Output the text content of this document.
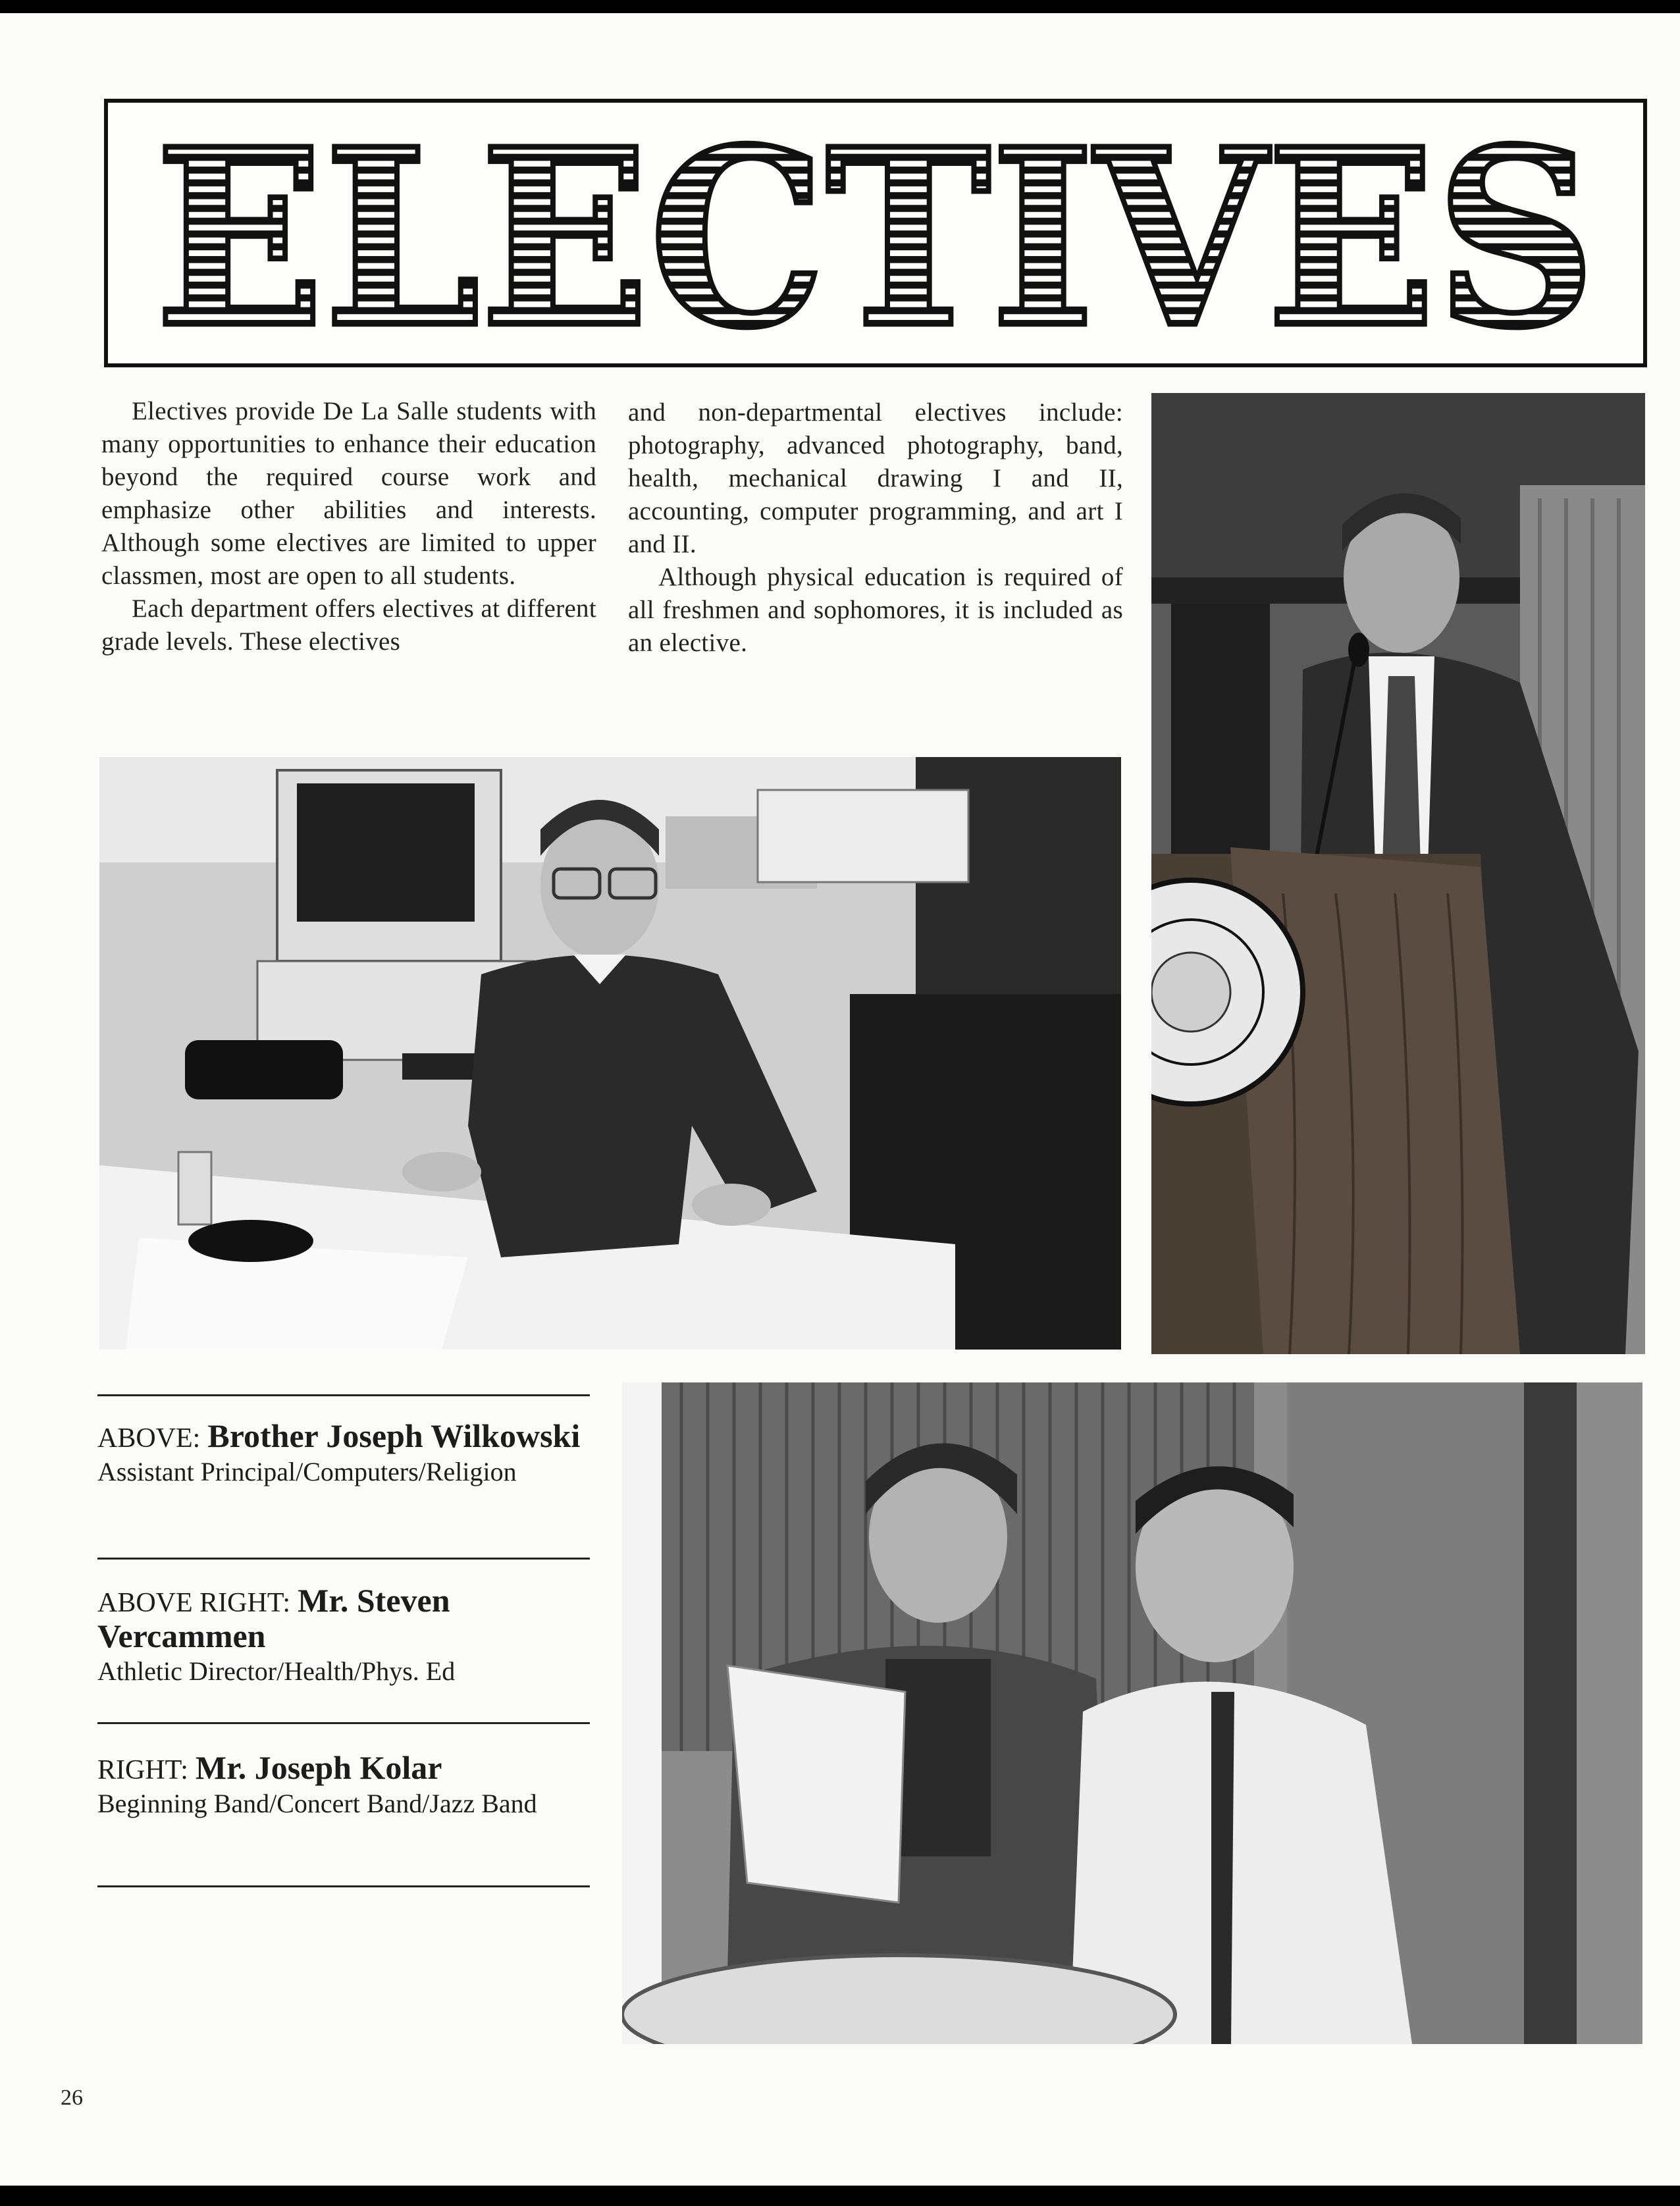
ELECTIVES

Electives provide De La Salle students with many opportunities to enhance their education beyond the required course work and emphasize other abilities and interests. Although some electives are limited to upper classmen, most are open to all students.

Each department offers electives at different grade levels. These electives

and non-departmental electives include: photography, advanced photography, band, health, mechanical drawing I and II, accounting, computer programming, and art I and II.

Although physical education is required of all freshmen and sophomores, it is included as an elective.

ABOVE: Brother Joseph Wilkowski
Assistant Principal/Computers/Religion
ABOVE RIGHT: Mr. Steven Vercammen
Athletic Director/Health/Phys. Ed
RIGHT: Mr. Joseph Kolar
Beginning Band/Concert Band/Jazz Band
26
